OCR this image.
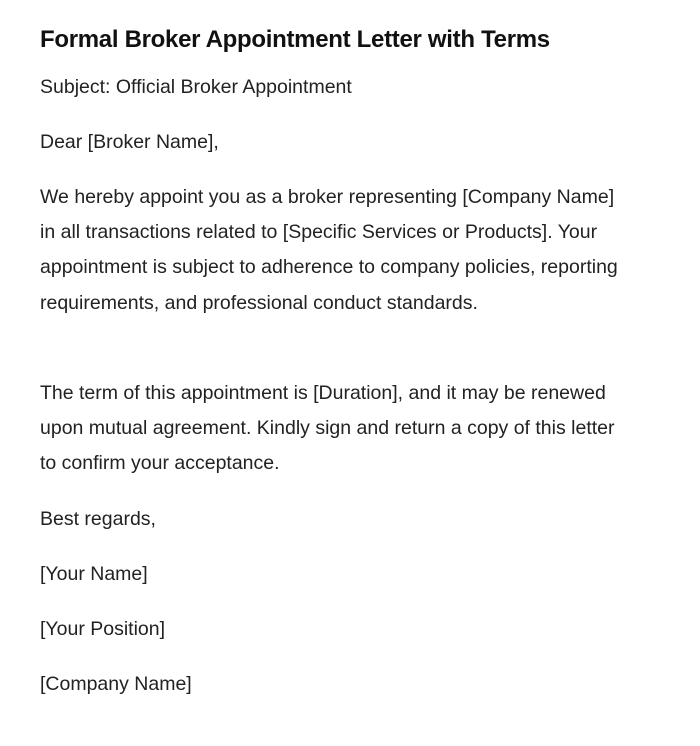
Formal Broker Appointment Letter with Terms

Subject: Official Broker Appointment

Dear [Broker Name],

We hereby appoint you as a broker representing [Company Name] in all transactions related to [Specific Services or Products]. Your appointment is subject to adherence to company policies, reporting requirements, and professional conduct standards.

The term of this appointment is [Duration], and it may be renewed upon mutual agreement. Kindly sign and return a copy of this letter to confirm your acceptance.

Best regards,

[Your Name]

[Your Position]

[Company Name]
